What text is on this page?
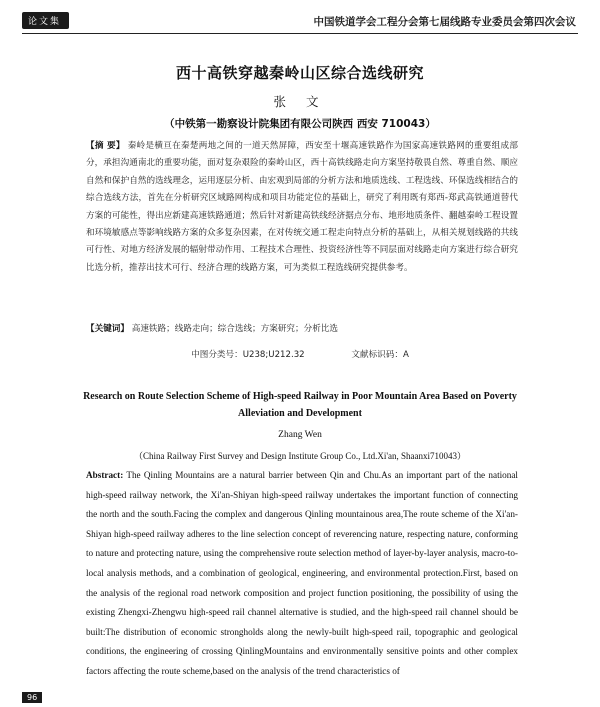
论文集	中国铁道学会工程分会第七届线路专业委员会第四次会议
西十高铁穿越秦岭山区综合选线研究
张 文
（中铁第一勘察设计院集团有限公司陕西 西安 710043）
【摘 要】 秦岭是横亘在秦楚两地之间的一道天然屏障，西安至十堰高速铁路作为国家高速铁路网的重要组成部分，承担沟通南北的重要功能，面对复杂艰险的秦岭山区，西十高铁线路走向方案坚持敬畏自然、尊重自然、顺应自然和保护自然的选线理念，运用逐层分析、由宏观到局部的分析方法和地质选线、工程选线、环保选线相结合的综合选线方法，首先在分析研究区域路网构成和项目功能定位的基础上，研究了利用既有郑西-郑武高铁通道替代方案的可能性，得出应新建高速铁路通道；然后针对新建高铁线经济据点分布、地形地质条件、翻越秦岭工程设置和环境敏感点等影响线路方案的众多复杂因素，在对传统交通工程走向特点分析的基础上，从相关规划线路的共线可行性、对地方经济发展的辐射带动作用、工程技术合理性、投资经济性等不同层面对线路走向方案进行综合研究比选分析，推荐出技术可行、经济合理的线路方案，可为类似工程选线研究提供参考。
【关键词】 高速铁路；线路走向；综合选线；方案研究；分析比选
中图分类号：U238;U212.32	文献标识码：A
Research on Route Selection Scheme of High-speed Railway in Poor Mountain Area Based on Poverty Alleviation and Development
Zhang Wen
（China Railway First Survey and Design Institute Group Co., Ltd.Xi'an, Shaanxi710043）
Abstract: The Qinling Mountains are a natural barrier between Qin and Chu.As an important part of the national high-speed railway network, the Xi'an-Shiyan high-speed railway undertakes the important function of connecting the north and the south.Facing the complex and dangerous Qinling mountainous area,The route scheme of the Xi'an-Shiyan high-speed railway adheres to the line selection concept of reverencing nature, respecting nature, conforming to nature and protecting nature, using the comprehensive route selection method of layer-by-layer analysis, macro-to-local analysis methods, and a combination of geological, engineering, and environmental protection.First, based on the analysis of the regional road network composition and project function positioning, the possibility of using the existing Zhengxi-Zhengwu high-speed rail channel alternative is studied, and the high-speed rail channel should be built:The distribution of economic strongholds along the newly-built high-speed rail, topographic and geological conditions, the engineering of crossing QinlingMountains and environmentally sensitive points and other complex factors affecting the route scheme,based on the analysis of the trend characteristics of
96
